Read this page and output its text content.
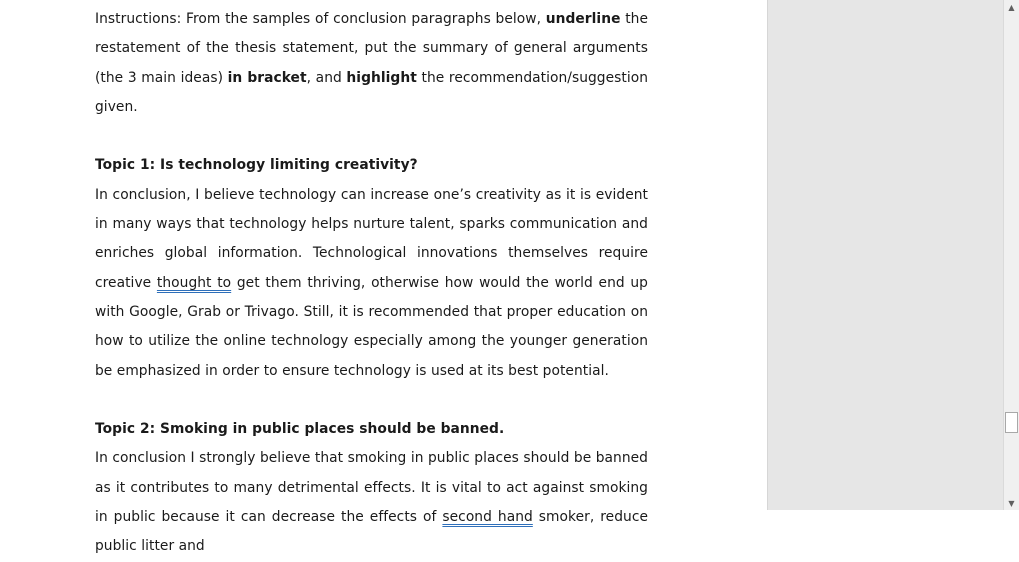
Instructions: From the samples of conclusion paragraphs below, underline the restatement of the thesis statement, put the summary of general arguments (the 3 main ideas) in bracket, and highlight the recommendation/suggestion given.

Topic 1: Is technology limiting creativity?

In conclusion, I believe technology can increase one’s creativity as it is evident in many ways that technology helps nurture talent, sparks communication and enriches global information. Technological innovations themselves require creative thought to get them thriving, otherwise how would the world end up with Google, Grab or Trivago. Still, it is recommended that proper education on how to utilize the online technology especially among the younger generation be emphasized in order to ensure technology is used at its best potential.

Topic 2: Smoking in public places should be banned.

In conclusion I strongly believe that smoking in public places should be banned as it contributes to many detrimental effects. It is vital to act against smoking in public because it can decrease the effects of second hand smoker, reduce public litter and

▲
▼
